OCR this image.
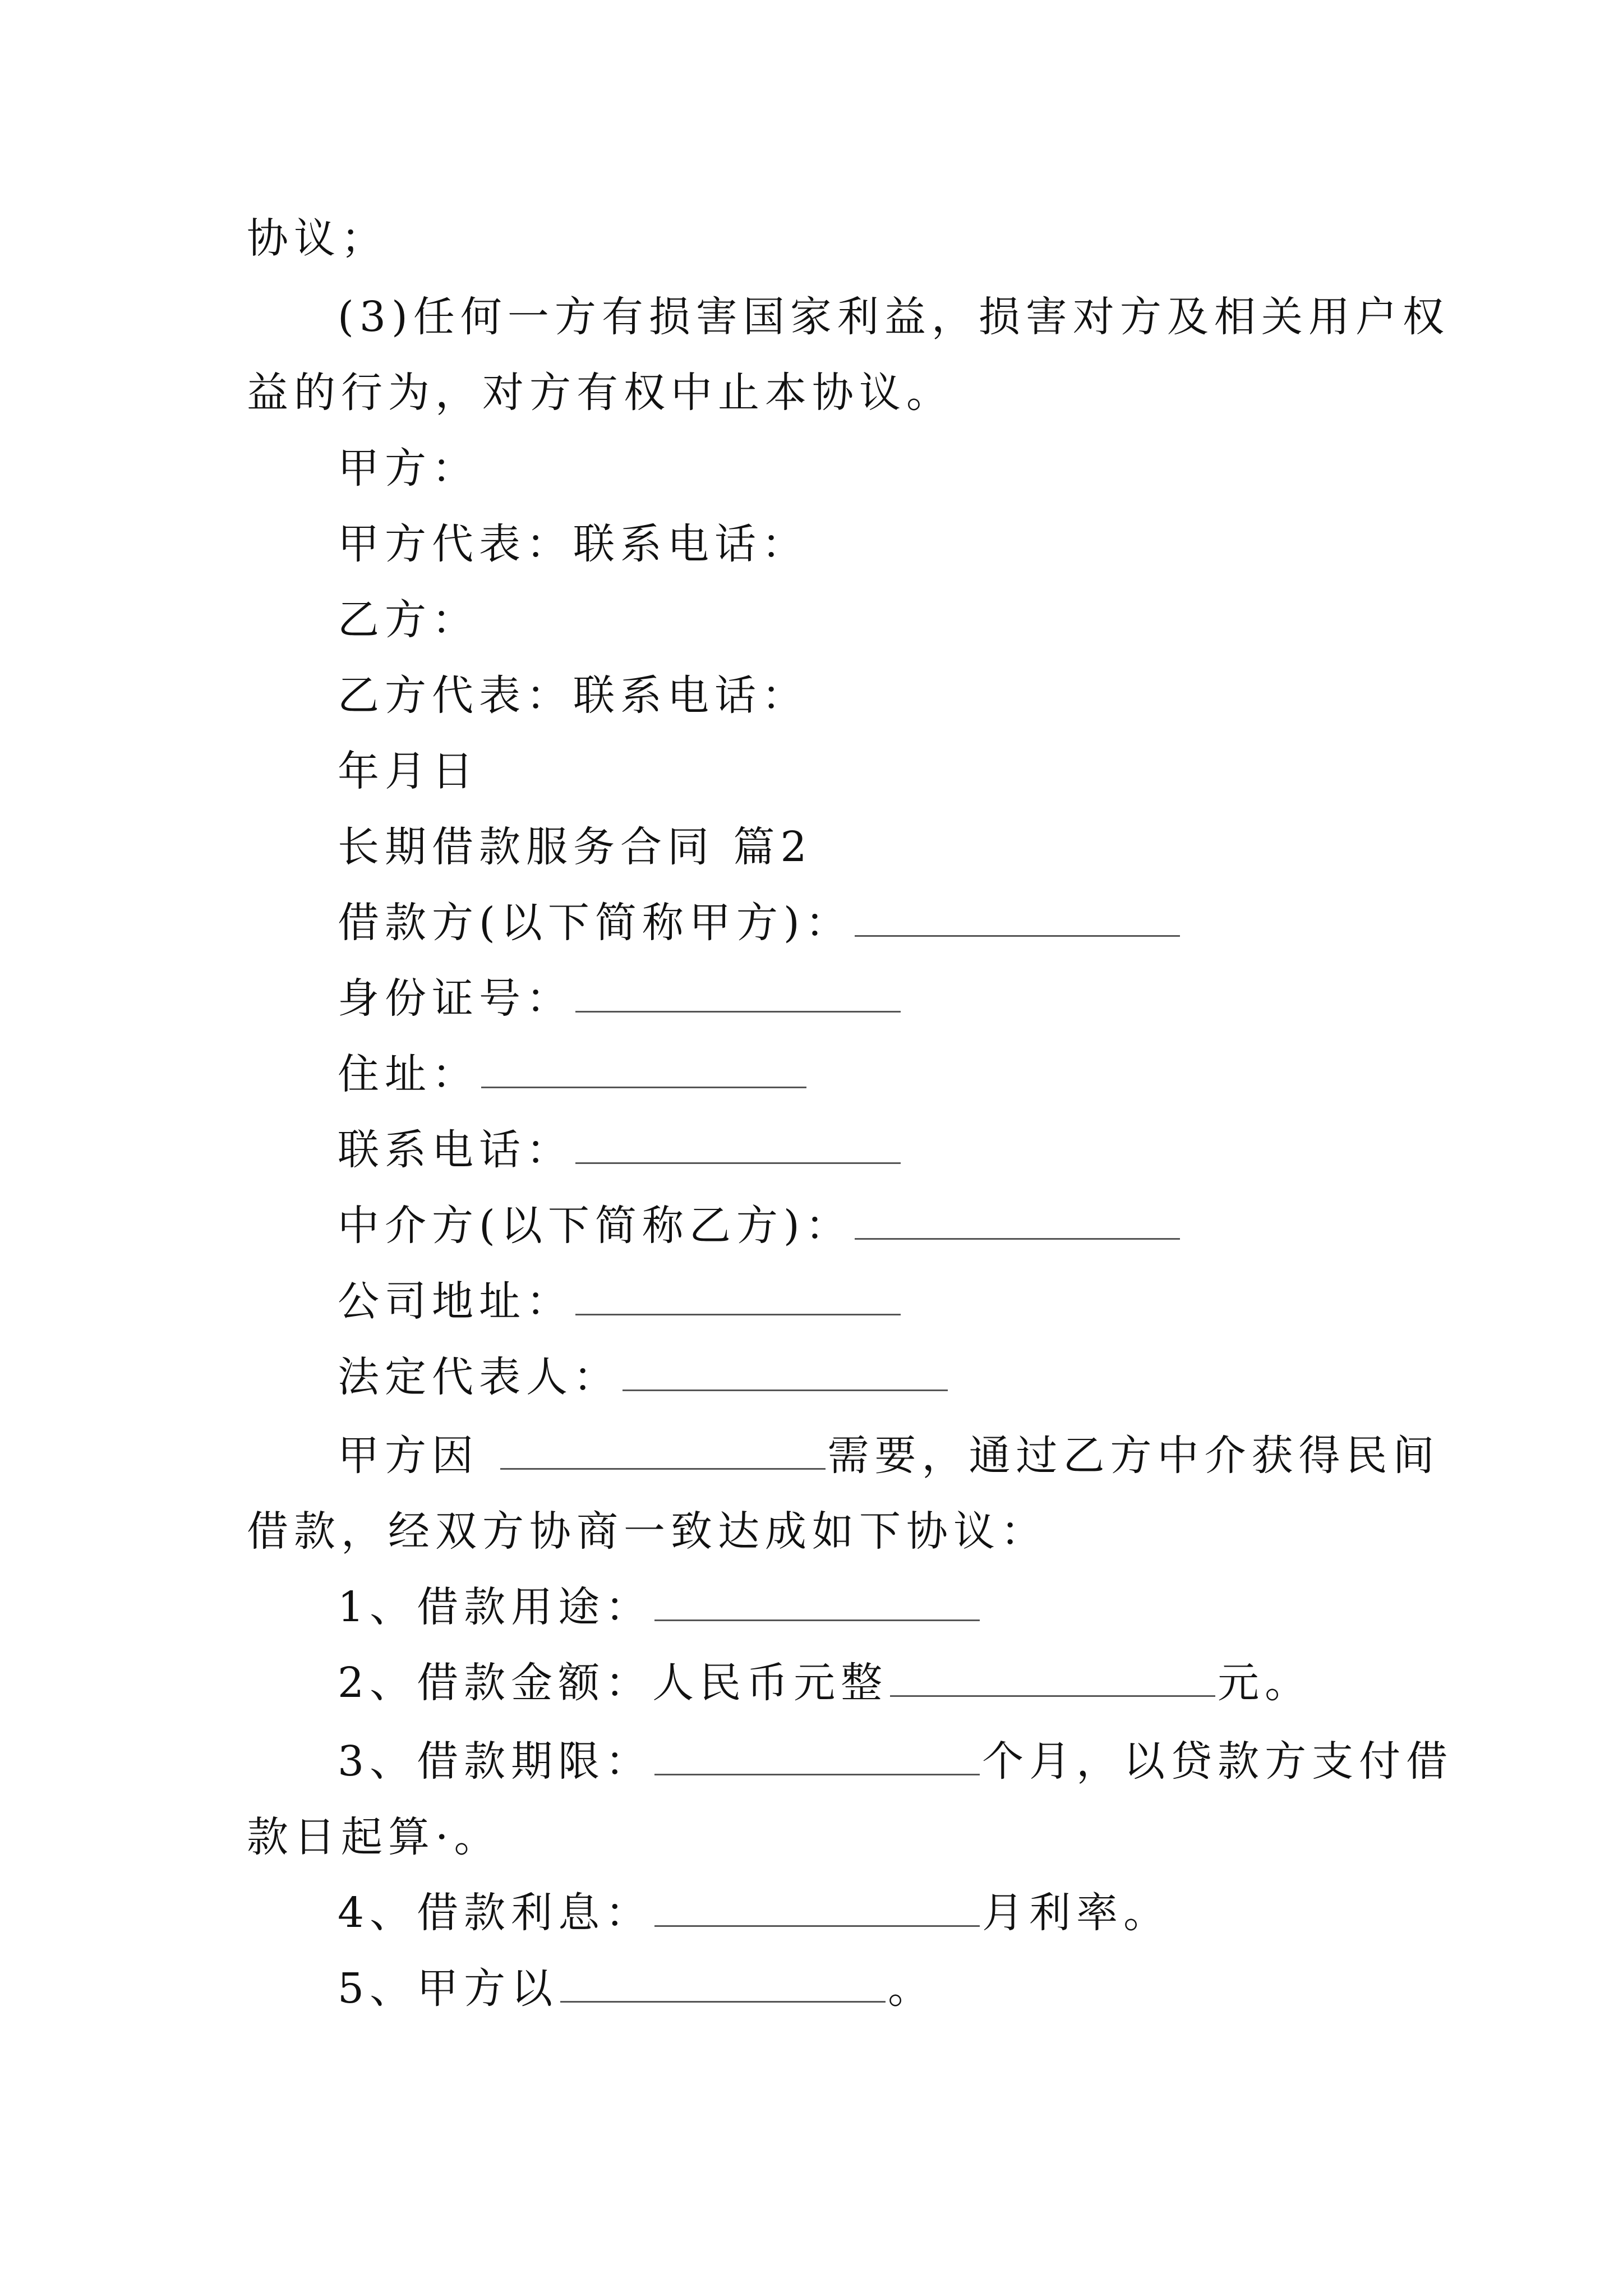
协议；
(3)任何一方有损害国家利益，损害对方及相关用户权
益的行为，对方有权中止本协议。
甲方：
甲方代表：联系电话：
乙方：
乙方代表：联系电话：
年月日
长期借款服务合同 篇2
借款方(以下简称甲方)：
身份证号：
住址：
联系电话：
中介方(以下简称乙方)：
公司地址：
法定代表人：
甲方因	需要，通过乙方中介获得民间
借款，经双方协商一致达成如下协议：
1、借款用途：
2、借款金额：人民币元整	元。
3、借款期限：	个月，以贷款方支付借
款日起算·。
4、借款利息：	月利率。
5、甲方以	。
